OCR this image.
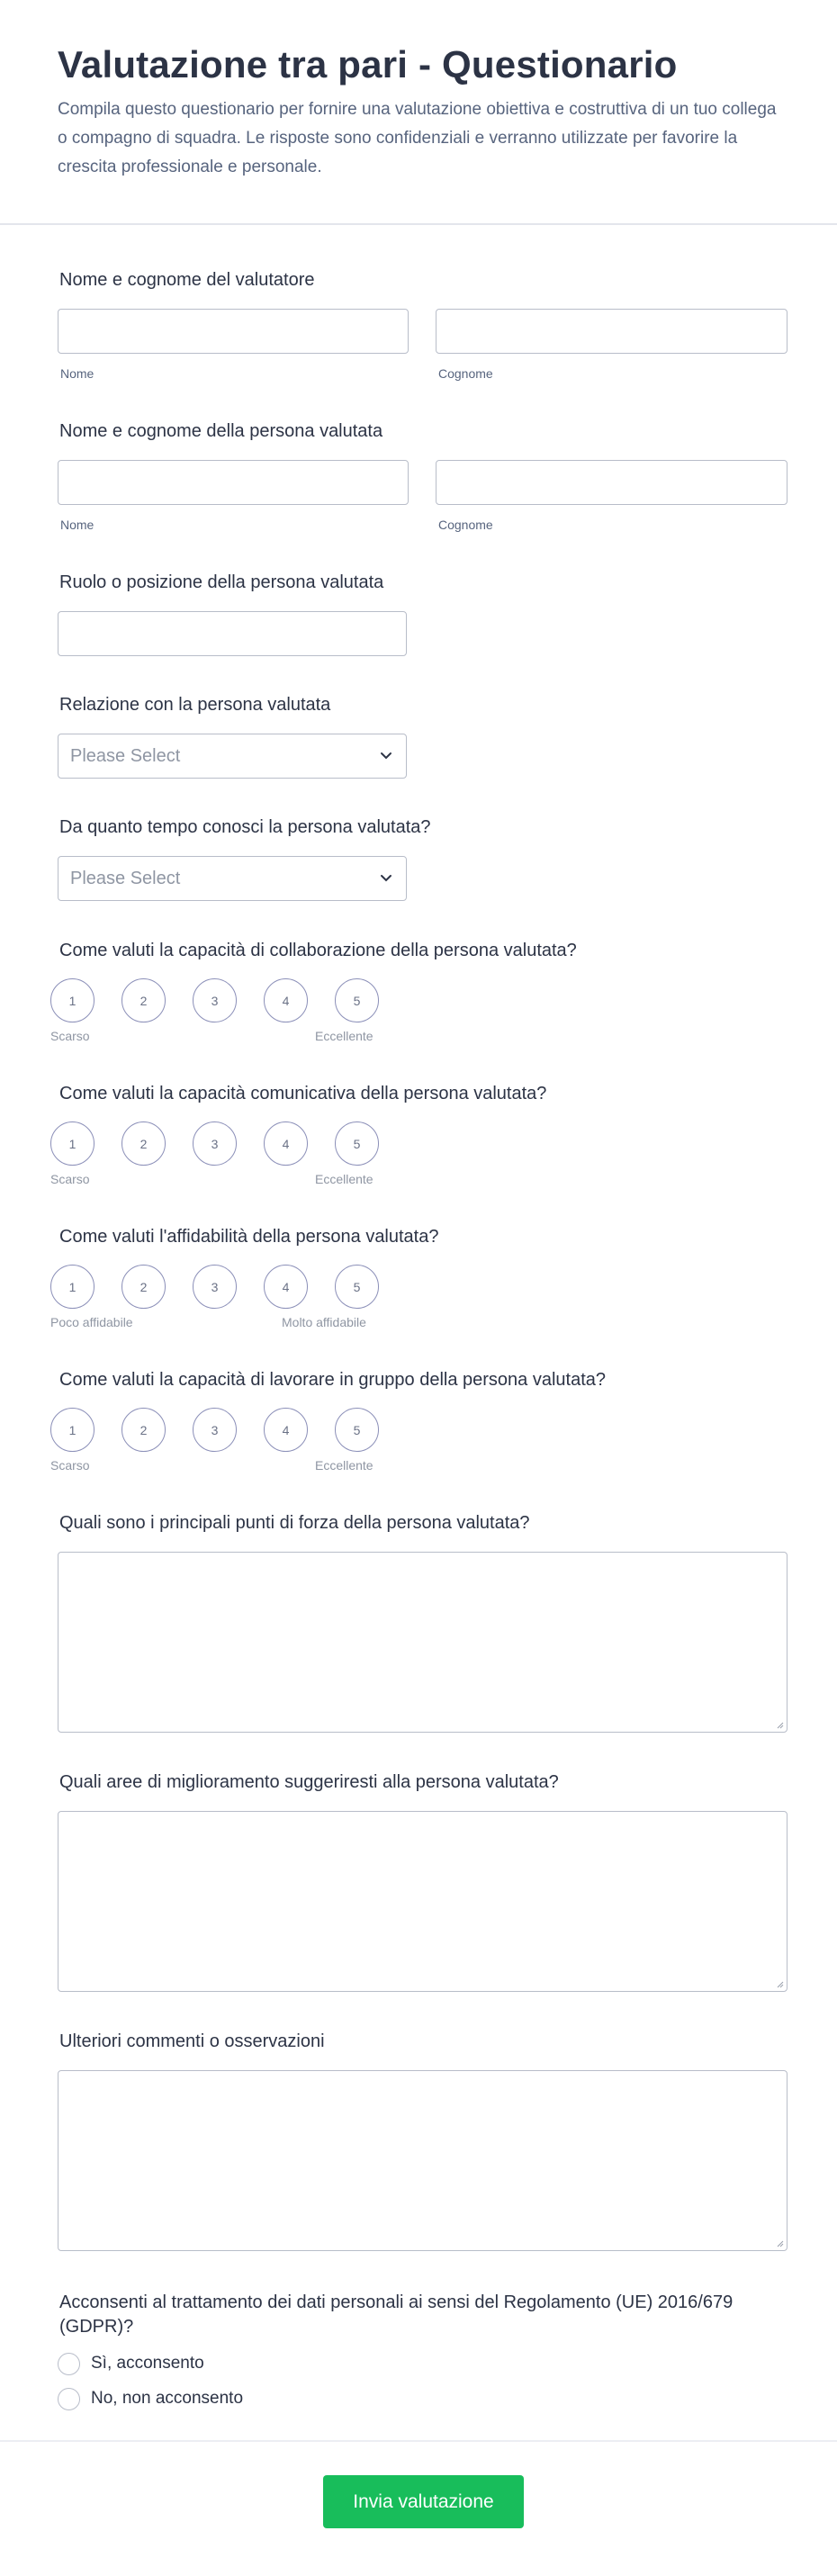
Valutazione tra pari - Questionario

Compila questo questionario per fornire una valutazione obiettiva e costruttiva di un tuo collega o compagno di squadra. Le risposte sono confidenziali e verranno utilizzate per favorire la crescita professionale e personale.

Nome e cognome del valutatore
Nome	Cognome
Nome e cognome della persona valutata
Nome	Cognome
Ruolo o posizione della persona valutata
Relazione con la persona valutata
Please Select
Da quanto tempo conosci la persona valutata?
Please Select
Come valuti la capacità di collaborazione della persona valutata?
1	2	3	4	5
Scarso	Eccellente
Come valuti la capacità comunicativa della persona valutata?
1	2	3	4	5
Scarso	Eccellente
Come valuti l'affidabilità della persona valutata?
1	2	3	4	5
Poco affidabile	Molto affidabile
Come valuti la capacità di lavorare in gruppo della persona valutata?
1	2	3	4	5
Scarso	Eccellente
Quali sono i principali punti di forza della persona valutata?
Quali aree di miglioramento suggeriresti alla persona valutata?
Ulteriori commenti o osservazioni
Acconsenti al trattamento dei dati personali ai sensi del Regolamento (UE) 2016/679 (GDPR)?
Sì, acconsento
No, non acconsento
Invia valutazione
